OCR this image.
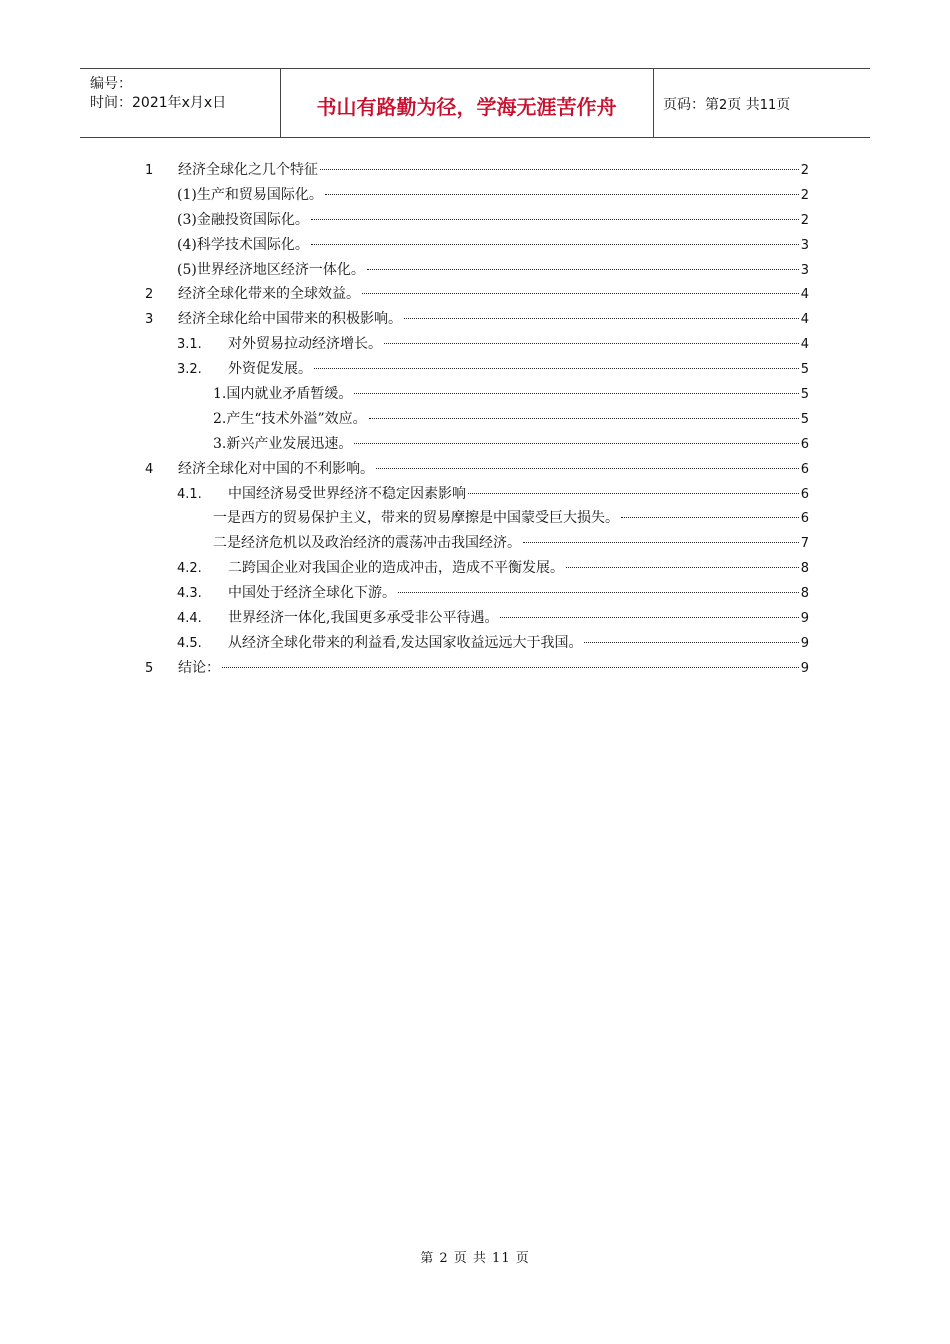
编号：
时间：2021年x月x日	书山有路勤为径，学海无涯苦作舟	页码：第2页 共11页
1	经济全球化之几个特征	2
(1)生产和贸易国际化。	2
(3)金融投资国际化。	2
(4)科学技术国际化。	3
(5)世界经济地区经济一体化。	3
2	经济全球化带来的全球效益。	4
3	经济全球化给中国带来的积极影响。	4
3.1.	对外贸易拉动经济增长。	4
3.2.	外资促发展。	5
1.国内就业矛盾暂缓。	5
2.产生“技术外溢”效应。	5
3.新兴产业发展迅速。	6
4	经济全球化对中国的不利影响。	6
4.1.	中国经济易受世界经济不稳定因素影响	6
一是西方的贸易保护主义，带来的贸易摩擦是中国蒙受巨大损失。	6
二是经济危机以及政治经济的震荡冲击我国经济。	7
4.2.	二跨国企业对我国企业的造成冲击，造成不平衡发展。	8
4.3.	中国处于经济全球化下游。	8
4.4.	世界经济一体化,我国更多承受非公平待遇。	9
4.5.	从经济全球化带来的利益看,发达国家收益远远大于我国。	9
5	结论：	9
第 2 页 共 11 页
